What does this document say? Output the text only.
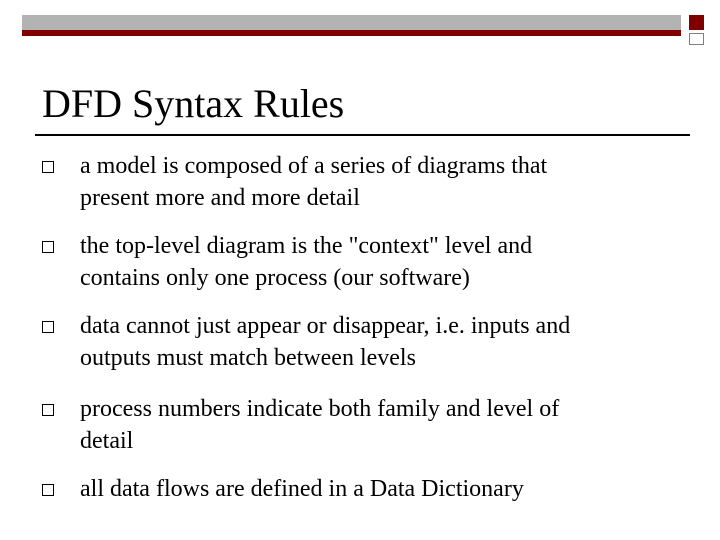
DFD Syntax Rules
a model is composed of a series of diagrams that
present more and more detail
the top-level diagram is the "context" level and
contains only one process (our software)
data cannot just appear or disappear, i.e. inputs and
outputs must match between levels
process numbers indicate both family and level of
detail
all data flows are defined in a Data Dictionary
